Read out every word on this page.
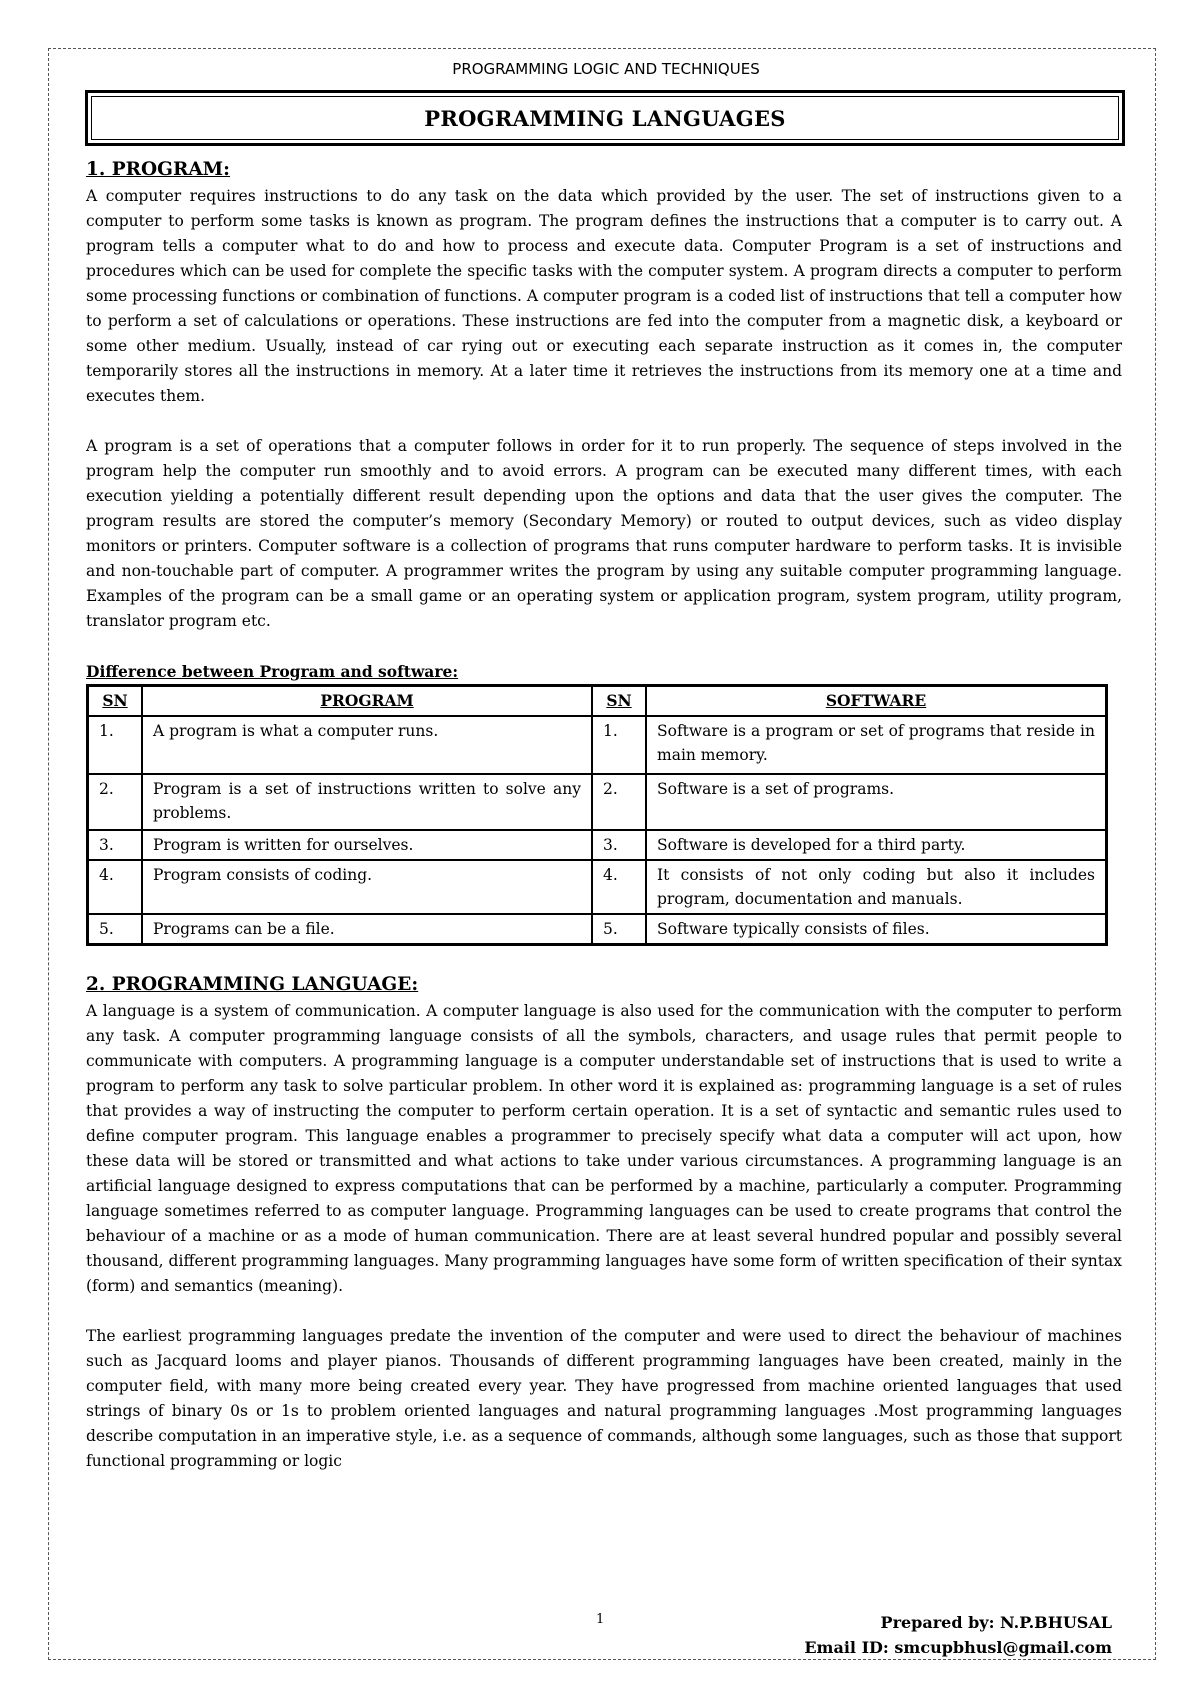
PROGRAMMING LOGIC AND TECHNIQUES
PROGRAMMING LANGUAGES
1. PROGRAM:

A computer requires instructions to do any task on the data which provided by the user. The set of instructions given to a computer to perform some tasks is known as program. The program defines the instructions that a computer is to carry out. A program tells a computer what to do and how to process and execute data. Computer Program is a set of instructions and procedures which can be used for complete the specific tasks with the computer system. A program directs a computer to perform some processing functions or combination of functions. A computer program is a coded list of instructions that tell a computer how to perform a set of calculations or operations. These instructions are fed into the computer from a magnetic disk, a keyboard or some other medium. Usually, instead of car rying out or executing each separate instruction as it comes in, the computer temporarily stores all the instructions in memory. At a later time it retrieves the instructions from its memory one at a time and executes them.

A program is a set of operations that a computer follows in order for it to run properly. The sequence of steps involved in the program help the computer run smoothly and to avoid errors. A program can be executed many different times, with each execution yielding a potentially different result depending upon the options and data that the user gives the computer. The program results are stored the computer’s memory (Secondary Memory) or routed to output devices, such as video display monitors or printers. Computer software is a collection of programs that runs computer hardware to perform tasks. It is invisible and non-touchable part of computer. A programmer writes the program by using any suitable computer programming language. Examples of the program can be a small game or an operating system or application program, system program, utility program, translator program etc.

Difference between Program and software:
SN	PROGRAM	SN	SOFTWARE
1.	A program is what a computer runs.	1.	Software is a program or set of programs that reside in main memory.
2.	Program is a set of instructions written to solve any problems.	2.	Software is a set of programs.
3.	Program is written for ourselves.	3.	Software is developed for a third party.
4.	Program consists of coding.	4.	It consists of not only coding but also it includes program, documentation and manuals.
5.	Programs can be a file.	5.	Software typically consists of files.
2. PROGRAMMING LANGUAGE:

A language is a system of communication. A computer language is also used for the communication with the computer to perform any task. A computer programming language consists of all the symbols, characters, and usage rules that permit people to communicate with computers. A programming language is a computer understandable set of instructions that is used to write a program to perform any task to solve particular problem. In other word it is explained as: programming language is a set of rules that provides a way of instructing the computer to perform certain operation. It is a set of syntactic and semantic rules used to define computer program. This language enables a programmer to precisely specify what data a computer will act upon, how these data will be stored or transmitted and what actions to take under various circumstances. A programming language is an artificial language designed to express computations that can be performed by a machine, particularly a computer. Programming language sometimes referred to as computer language. Programming languages can be used to create programs that control the behaviour of a machine or as a mode of human communication. There are at least several hundred popular and possibly several thousand, different programming languages. Many programming languages have some form of written specification of their syntax (form) and semantics (meaning).

The earliest programming languages predate the invention of the computer and were used to direct the behaviour of machines such as Jacquard looms and player pianos. Thousands of different programming languages have been created, mainly in the computer field, with many more being created every year. They have progressed from machine oriented languages that used strings of binary 0s or 1s to problem oriented languages and natural programming languages .Most programming languages describe computation in an imperative style, i.e. as a sequence of commands, although some languages, such as those that support functional programming or logic

1	Prepared by: N.P.BHUSAL
Email ID: smcupbhusl@gmail.com
